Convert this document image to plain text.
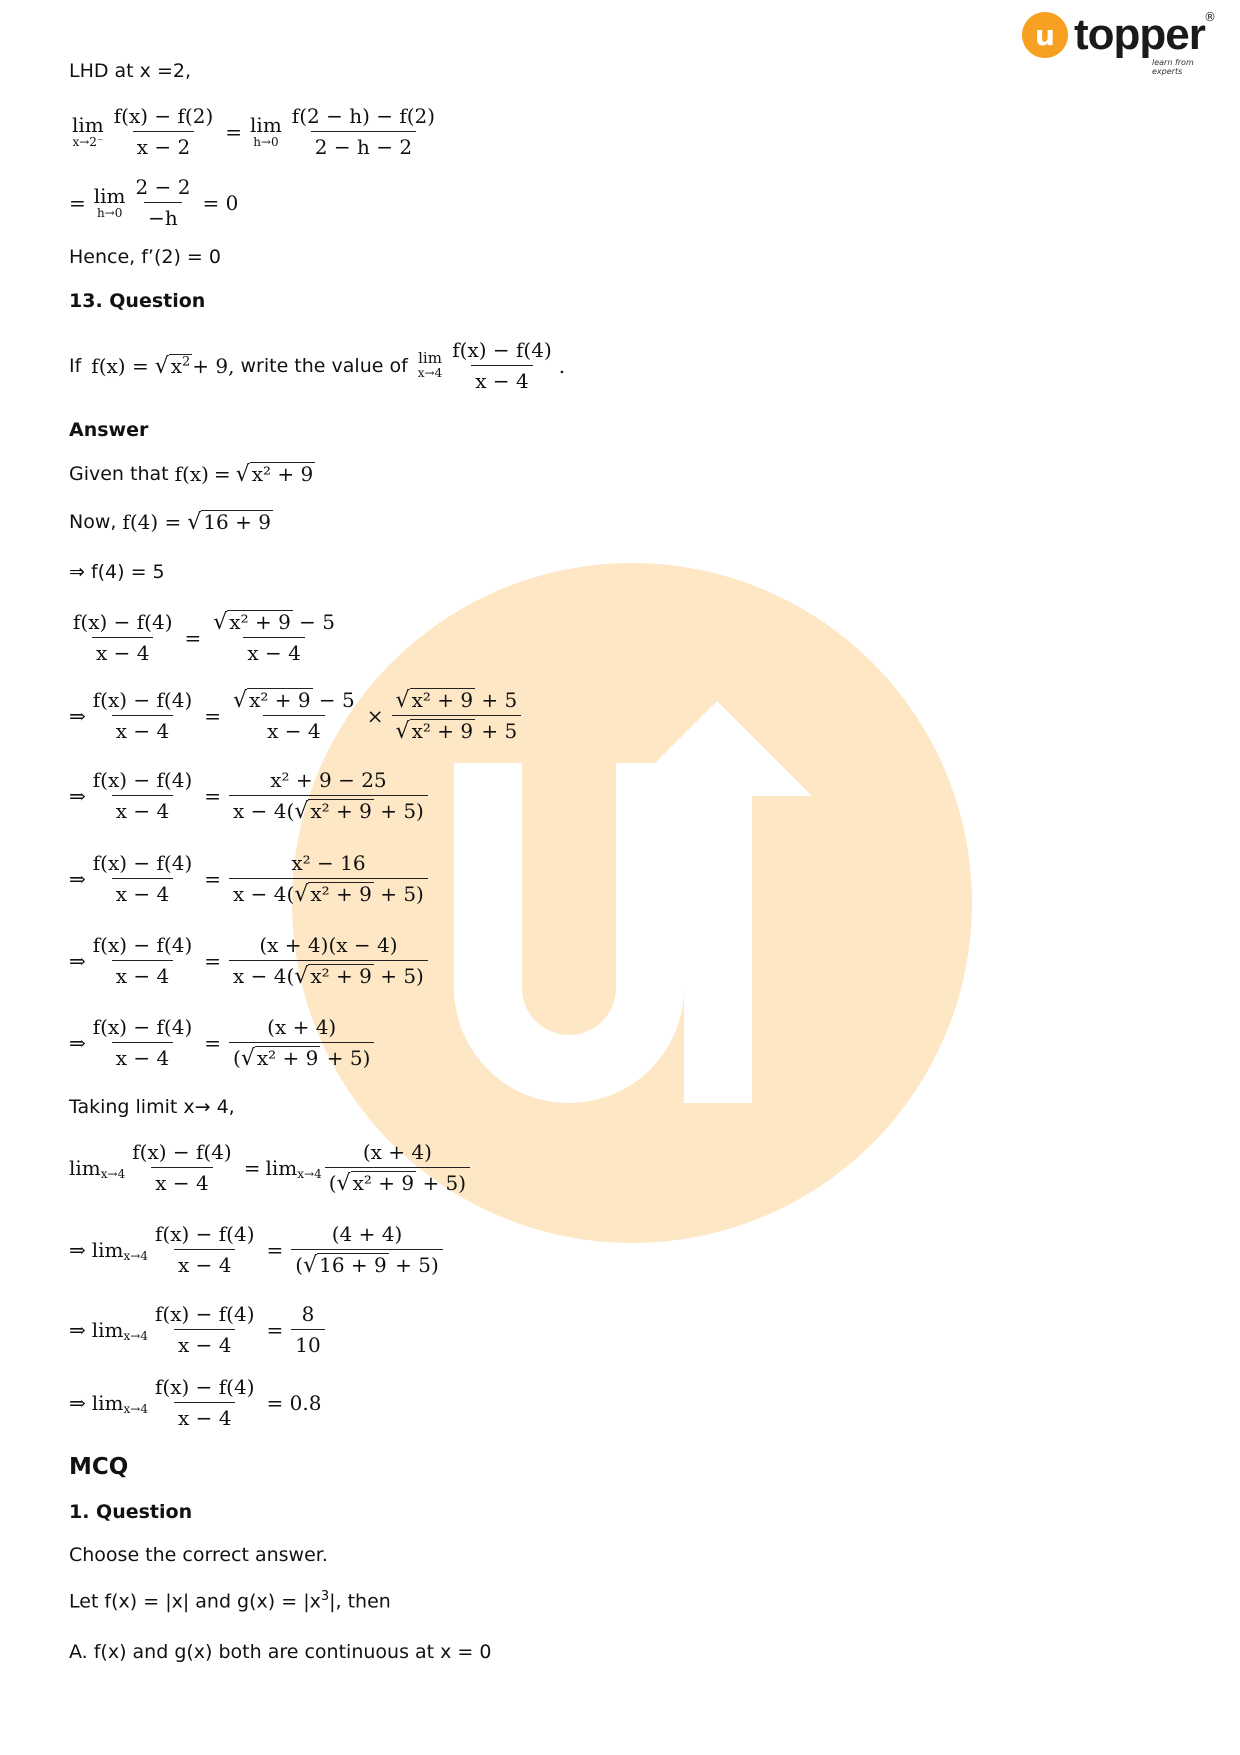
u topper ®
learn from experts
LHD at x =2,
lim
$x\to 2^- \frac{f(x) - f(2)}{x - 2} = \lim$
$h\to 0 \frac{f(2 - h) - f(2)}{2 - h - 2}$
= lim
$h\to 0 \frac{2 - 2}{-h} = 0$
Hence, f’(2) = 0
13. Question
If f(x) = √ $x^2 + 9$, write the value of lim
$x\to 4 \frac{f(x) - f(4)}{x - 4}$ .
Answer
Given that f(x) = √ x² + 9
Now, f(4) = √ 16 + 9
⇒ f(4) = 5
$\frac{f(x) - f(4)}{x - 4} = \frac{\text{√ x² + 9 − 5}}{x - 4}$
⇒ $\frac{f(x) - f(4)}{x - 4} = \frac{\text{√ x² + 9 − 5}}{x - 4} \times \frac{\text{√ x² + 9 + 5}}{\text{√ x² + 9 + 5}}$
⇒ $\frac{f(x) - f(4)}{x - 4} = \frac{\text{x² + 9 − 25}}{\text{x − 4( √ x² + 9 + 5)}}$
⇒ $\frac{f(x) - f(4)}{x - 4} = \frac{\text{x² − 16}}{\text{x − 4( √ x² + 9 + 5)}}$
⇒ $\frac{f(x) - f(4)}{x - 4} = \frac{(x + 4)(x - 4)}{\text{x − 4( √ x² + 9 + 5)}}$
⇒ $\frac{f(x) - f(4)}{x - 4} = \frac{(x + 4)}{\text{( √ x² + 9 + 5)}}$
Taking limit x→ 4,
$\lim x\to 4 \frac{f(x) - f(4)}{x - 4} = \lim x\to 4 \frac{(x + 4)}{\text{( √ x² + 9 + 5)}}$
⇒ $\lim x\to 4 \frac{f(x) - f(4)}{x - 4} = \frac{(4 + 4)}{( √ 16 + 9 + 5)}$
⇒ $\lim x\to 4 \frac{f(x) - f(4)}{x - 4} = \frac{8}{10}$
⇒ $\lim x\to 4 \frac{f(x) - f(4)}{x - 4} = 0.8$
MCQ
1. Question
Choose the correct answer.
Let f(x) = |x| and $g(x) = |x^3|$, then
A. f(x) and g(x) both are continuous at x = 0
